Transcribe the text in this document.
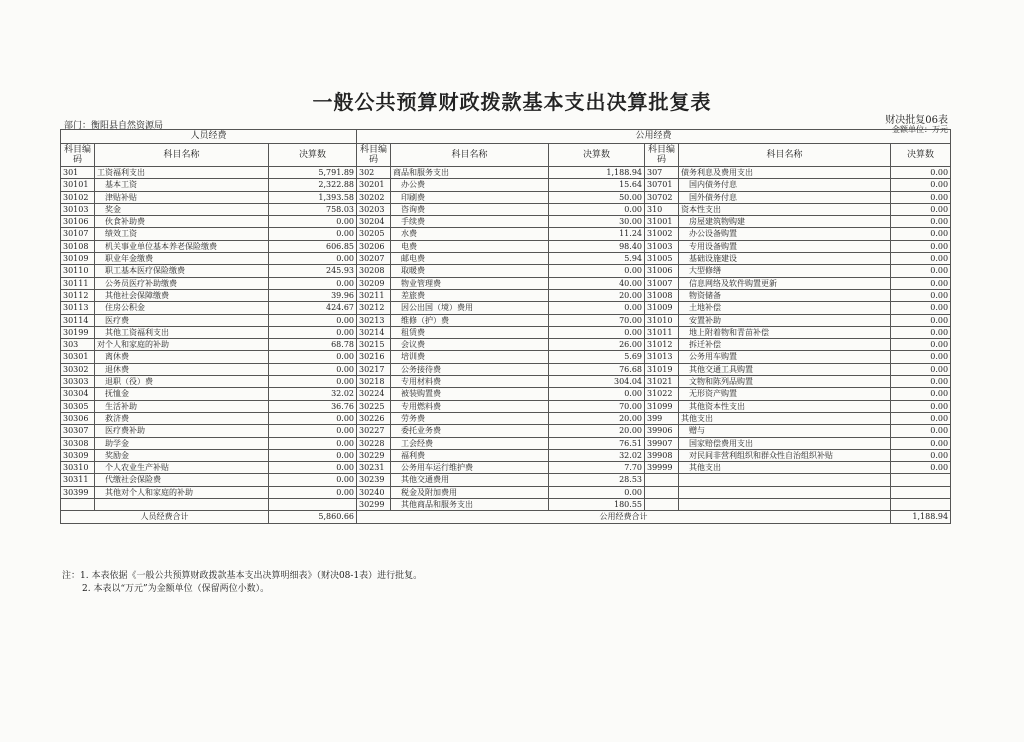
一般公共预算财政拨款基本支出决算批复表
财决批复06表
金额单位：万元
部门：衡阳县自然资源局
人员经费			公用经费					
科目编码	科目名称	决算数	科目编码	科目名称	决算数	科目编码	科目名称	决算数
301	工资福利支出	5,791.89	302	商品和服务支出	1,188.94	307	债务利息及费用支出	0.00
30101	基本工资	2,322.88	30201	办公费	15.64	30701	国内债务付息	0.00
30102	津贴补贴	1,393.58	30202	印刷费	50.00	30702	国外债务付息	0.00
30103	奖金	758.03	30203	咨询费	0.00	310	资本性支出	0.00
30106	伙食补助费	0.00	30204	手续费	30.00	31001	房屋建筑物购建	0.00
30107	绩效工资	0.00	30205	水费	11.24	31002	办公设备购置	0.00
30108	机关事业单位基本养老保险缴费	606.85	30206	电费	98.40	31003	专用设备购置	0.00
30109	职业年金缴费	0.00	30207	邮电费	5.94	31005	基础设施建设	0.00
30110	职工基本医疗保险缴费	245.93	30208	取暖费	0.00	31006	大型修缮	0.00
30111	公务员医疗补助缴费	0.00	30209	物业管理费	40.00	31007	信息网络及软件购置更新	0.00
30112	其他社会保障缴费	39.96	30211	差旅费	20.00	31008	物资储备	0.00
30113	住房公积金	424.67	30212	因公出国（境）费用	0.00	31009	土地补偿	0.00
30114	医疗费	0.00	30213	维修（护）费	70.00	31010	安置补助	0.00
30199	其他工资福利支出	0.00	30214	租赁费	0.00	31011	地上附着物和青苗补偿	0.00
303	对个人和家庭的补助	68.78	30215	会议费	26.00	31012	拆迁补偿	0.00
30301	离休费	0.00	30216	培训费	5.69	31013	公务用车购置	0.00
30302	退休费	0.00	30217	公务接待费	76.68	31019	其他交通工具购置	0.00
30303	退职（役）费	0.00	30218	专用材料费	304.04	31021	文物和陈列品购置	0.00
30304	抚恤金	32.02	30224	被装购置费	0.00	31022	无形资产购置	0.00
30305	生活补助	36.76	30225	专用燃料费	70.00	31099	其他资本性支出	0.00
30306	救济费	0.00	30226	劳务费	20.00	399	其他支出	0.00
30307	医疗费补助	0.00	30227	委托业务费	20.00	39906	赠与	0.00
30308	助学金	0.00	30228	工会经费	76.51	39907	国家赔偿费用支出	0.00
30309	奖励金	0.00	30229	福利费	32.02	39908	对民间非营利组织和群众性自治组织补贴	0.00
30310	个人农业生产补贴	0.00	30231	公务用车运行维护费	7.70	39999	其他支出	0.00
30311	代缴社会保险费	0.00	30239	其他交通费用	28.53			
30399	其他对个人和家庭的补助	0.00	30240	税金及附加费用	0.00			
			30299	其他商品和服务支出	180.55			
人员经费合计		5,860.66	公用经费合计					1,188.94
注：1. 本表依据《一般公共预算财政拨款基本支出决算明细表》（财决08-1表）进行批复。
2. 本表以“万元”为金额单位（保留两位小数）。
